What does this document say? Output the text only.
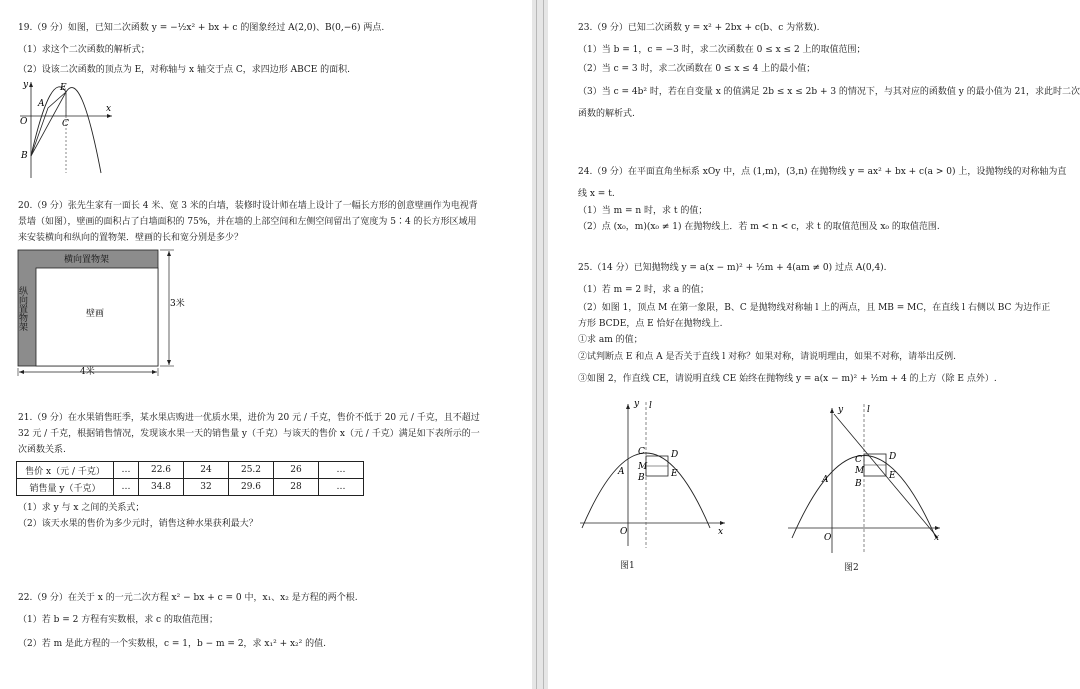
19.（9 分）如图，已知二次函数 y = −½x² + bx + c 的图象经过 A(2,0)、B(0,−6) 两点.
（1）求这个二次函数的解析式；
（2）设该二次函数的顶点为 E，对称轴与 x 轴交于点 C，求四边形 ABCE 的面积.
y
x
O
A
E
C
B
20.（9 分）张先生家有一面长 4 米、宽 3 米的白墙，装修时设计师在墙上设计了一幅长方形的创意壁画作为电视背
景墙（如图），壁画的面积占了白墙面积的 75%，并在墙的上部空间和左侧空间留出了宽度为 5∶4 的长方形区域用
来安装横向和纵向的置物架．壁画的长和宽分别是多少？
横向置物架
纵向置物架	壁画
3米
4米
21.（9 分）在水果销售旺季，某水果店购进一优质水果，进价为 20 元 / 千克，售价不低于 20 元 / 千克，且不超过
32 元 / 千克，根据销售情况，发现该水果一天的销售量 y（千克）与该天的售价 x（元 / 千克）满足如下表所示的一
次函数关系.
售价 x（元 / 千克）	…	22.6	24	25.2	26	…
销售量 y（千克）	…	34.8	32	29.6	28	…
（1）求 y 与 x 之间的关系式；
（2）该天水果的售价为多少元时，销售这种水果获利最大？
22.（9 分）在关于 x 的一元二次方程 x² − bx + c = 0 中，x₁、x₂ 是方程的两个根.
（1）若 b = 2 方程有实数根，求 c 的取值范围；
（2）若 m 是此方程的一个实数根，c = 1，b − m = 2，求 x₁² + x₂² 的值.
23.（9 分）已知二次函数 y = x² + 2bx + c(b、c 为常数).
（1）当 b = 1，c = −3 时，求二次函数在 0 ≤ x ≤ 2 上的取值范围；
（2）当 c = 3 时，求二次函数在 0 ≤ x ≤ 4 上的最小值；
（3）当 c = 4b² 时，若在自变量 x 的值满足 2b ≤ x ≤ 2b + 3 的情况下，与其对应的函数值 y 的最小值为 21，求此时二次
函数的解析式.
24.（9 分）在平面直角坐标系 xOy 中，点 (1,m)，(3,n) 在抛物线 y = ax² + bx + c(a > 0) 上，设抛物线的对称轴为直
线 x = t.
（1）当 m = n 时，求 t 的值；
（2）点 (x₀，m)(x₀ ≠ 1) 在抛物线上．若 m < n < c，求 t 的取值范围及 x₀ 的取值范围.
25.（14 分）已知抛物线 y = a(x − m)² + ½m + 4(am ≠ 0) 过点 A(0,4).
（1）若 m = 2 时，求 a 的值；
（2）如图 1，顶点 M 在第一象限，B、C 是抛物线对称轴 l 上的两点，且 MB = MC，在直线 l 右侧以 BC 为边作正
方形 BCDE，点 E 恰好在抛物线上.
①求 am 的值；
②试判断点 E 和点 A 是否关于直线 l 对称？如果对称，请说明理由，如果不对称，请举出反例.
③如图 2，作直线 CE，请说明直线 CE 始终在抛物线 y = a(x − m)² + ½m + 4 的上方（除 E 点外）.
y l
x
O
A
C
M
B
D
E
图1
y	l
x
O
A
C
M
B
D
E
图2
